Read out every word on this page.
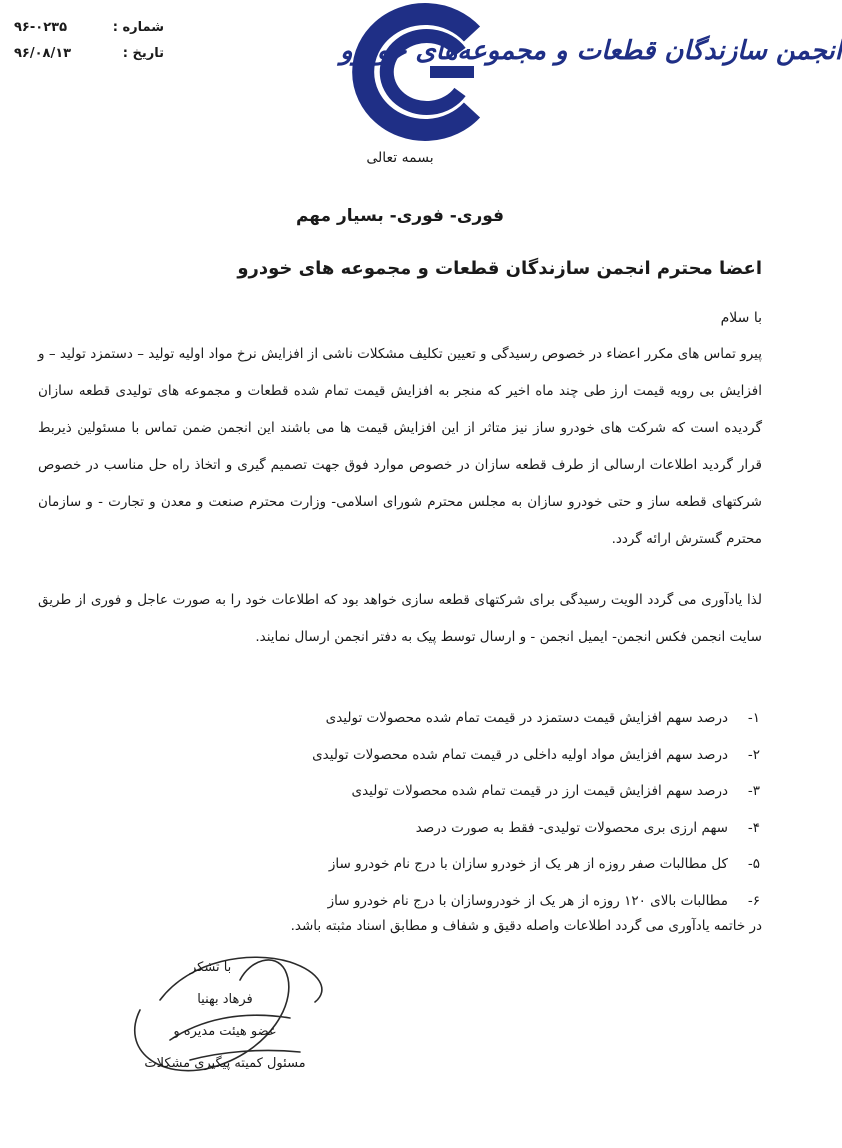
انجمن سازندگان قطعات و مجموعه‌های خودرو
شماره :
۹۶-۰۲۳۵
تاریخ :
۹۶/۰۸/۱۳
بسمه تعالی
فوری- فوری- بسیار مهم
اعضا محترم انجمن سازندگان قطعات و مجموعه های خودرو
با سلام
پیرو تماس های مکرر اعضاء در خصوص رسیدگی و تعیین تکلیف مشکلات ناشی از افزایش نرخ مواد اولیه تولید – دستمزد تولید – و افزایش بی رویه قیمت ارز طی چند ماه اخیر که منجر به افزایش قیمت تمام شده قطعات و مجموعه های تولیدی قطعه سازان گردیده است که شرکت های خودرو ساز نیز متاثر از این افزایش قیمت ها می باشند این انجمن ضمن تماس با مسئولین ذیربط قرار گردید اطلاعات ارسالی از طرف قطعه سازان در خصوص موارد فوق جهت تصمیم گیری و اتخاذ راه حل مناسب در خصوص شرکتهای قطعه ساز و حتی خودرو سازان به مجلس محترم شورای اسلامی- وزارت محترم صنعت و معدن و تجارت - و سازمان محترم گسترش ارائه گردد.
لذا یادآوری می گردد الویت رسیدگی برای شرکتهای قطعه سازی خواهد بود که اطلاعات خود را به صورت عاجل و فوری از طریق سایت انجمن فکس انجمن- ایمیل انجمن - و ارسال توسط پیک به دفتر انجمن ارسال نمایند.
۱-درصد سهم افزایش قیمت دستمزد در قیمت تمام شده محصولات تولیدی
۲-درصد سهم افزایش مواد اولیه داخلی در قیمت تمام شده محصولات تولیدی
۳-درصد سهم افزایش قیمت ارز در قیمت تمام شده محصولات تولیدی
۴-سهم ارزی بری محصولات تولیدی- فقط به صورت درصد
۵-کل مطالبات صفر روزه از هر یک از خودرو سازان با درج نام خودرو ساز
۶-مطالبات بالای ۱۲۰ روزه از هر یک از خودروسازان با درج نام خودرو ساز
در خاتمه یادآوری می گردد اطلاعات واصله دقیق و شفاف و مطابق اسناد مثبته باشد.
با تشکر
فرهاد بهنیا
عضو هیئت مدیره و
مسئول کمیته پیگیری مشکلات
